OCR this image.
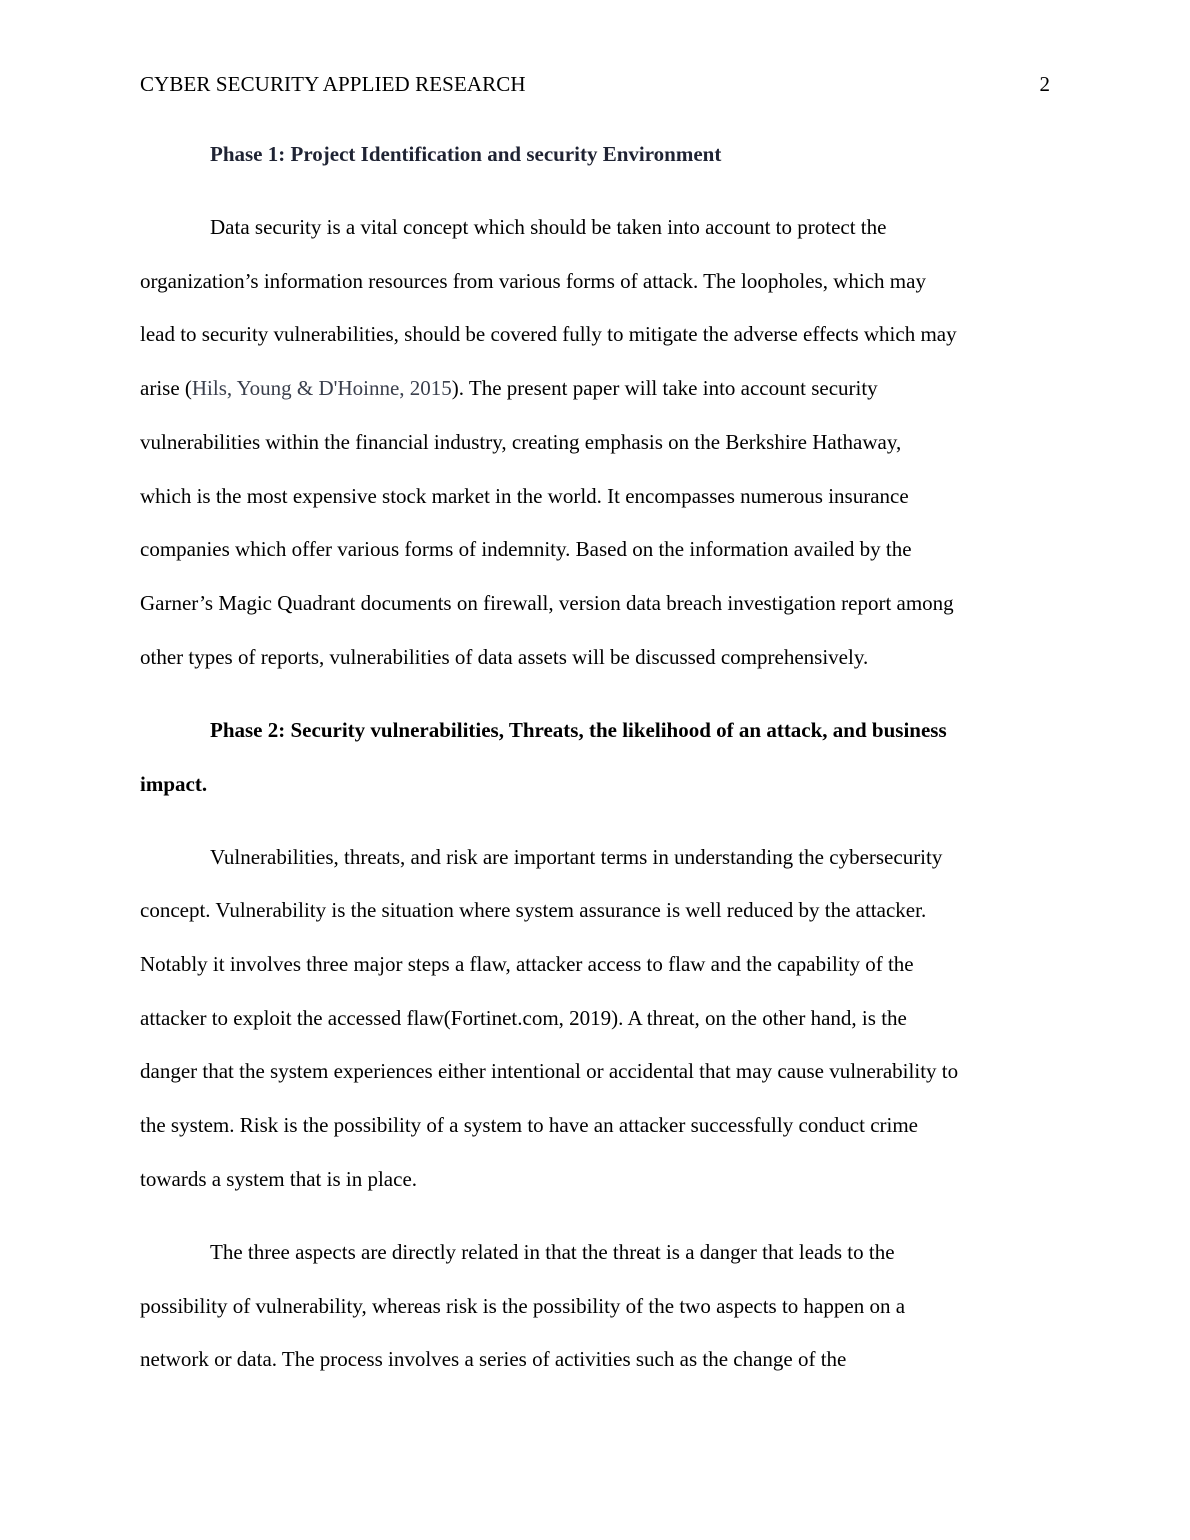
CYBER SECURITY APPLIED RESEARCH	2
Phase 1: Project Identification and security Environment
Data security is a vital concept which should be taken into account to protect the
organization’s information resources from various forms of attack. The loopholes, which may
lead to security vulnerabilities, should be covered fully to mitigate the adverse effects which may
arise (Hils, Young & D'Hoinne, 2015). The present paper will take into account security
vulnerabilities within the financial industry, creating emphasis on the Berkshire Hathaway,
which is the most expensive stock market in the world. It encompasses numerous insurance
companies which offer various forms of indemnity. Based on the information availed by the
Garner’s Magic Quadrant documents on firewall, version data breach investigation report among
other types of reports, vulnerabilities of data assets will be discussed comprehensively.
Phase 2: Security vulnerabilities, Threats, the likelihood of an attack, and business
impact.
Vulnerabilities, threats, and risk are important terms in understanding the cybersecurity
concept. Vulnerability is the situation where system assurance is well reduced by the attacker.
Notably it involves three major steps a flaw, attacker access to flaw and the capability of the
attacker to exploit the accessed flaw(Fortinet.com, 2019). A threat, on the other hand, is the
danger that the system experiences either intentional or accidental that may cause vulnerability to
the system. Risk is the possibility of a system to have an attacker successfully conduct crime
towards a system that is in place.
The three aspects are directly related in that the threat is a danger that leads to the
possibility of vulnerability, whereas risk is the possibility of the two aspects to happen on a
network or data. The process involves a series of activities such as the change of the
